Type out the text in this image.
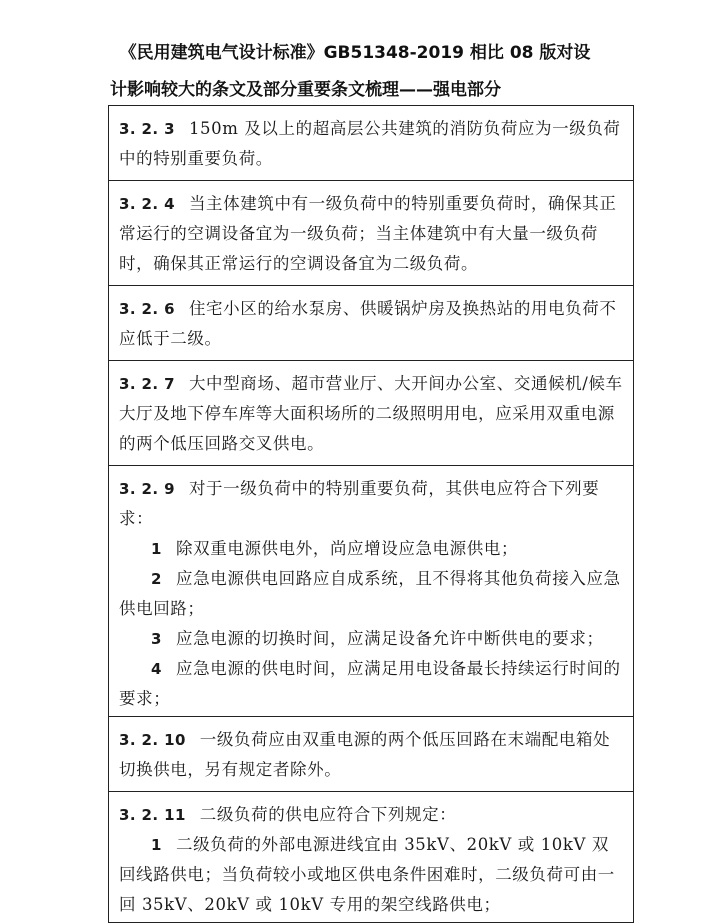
《民用建筑电气设计标准》GB51348-2019 相比 08 版对设
计影响较大的条文及部分重要条文梳理——强电部分

3. 2. 3 150m 及以上的超高层公共建筑的消防负荷应为一级负荷中的特别重要负荷。

3. 2. 4 当主体建筑中有一级负荷中的特别重要负荷时，确保其正常运行的空调设备宜为一级负荷；当主体建筑中有大量一级负荷时，确保其正常运行的空调设备宜为二级负荷。

3. 2. 6 住宅小区的给水泵房、供暖锅炉房及换热站的用电负荷不应低于二级。

3. 2. 7 大中型商场、超市营业厅、大开间办公室、交通候机/候车大厅及地下停车库等大面积场所的二级照明用电，应采用双重电源的两个低压回路交叉供电。

3. 2. 9 对于一级负荷中的特别重要负荷，其供电应符合下列要求：

1 除双重电源供电外，尚应增设应急电源供电；

2 应急电源供电回路应自成系统，且不得将其他负荷接入应急供电回路；

3 应急电源的切换时间，应满足设备允许中断供电的要求；

4 应急电源的供电时间，应满足用电设备最长持续运行时间的要求；

3. 2. 10 一级负荷应由双重电源的两个低压回路在末端配电箱处切换供电，另有规定者除外。

3. 2. 11 二级负荷的供电应符合下列规定：

1 二级负荷的外部电源进线宜由 35kV、20kV 或 10kV 双回线路供电；当负荷较小或地区供电条件困难时，二级负荷可由一回 35kV、20kV 或 10kV 专用的架空线路供电；
